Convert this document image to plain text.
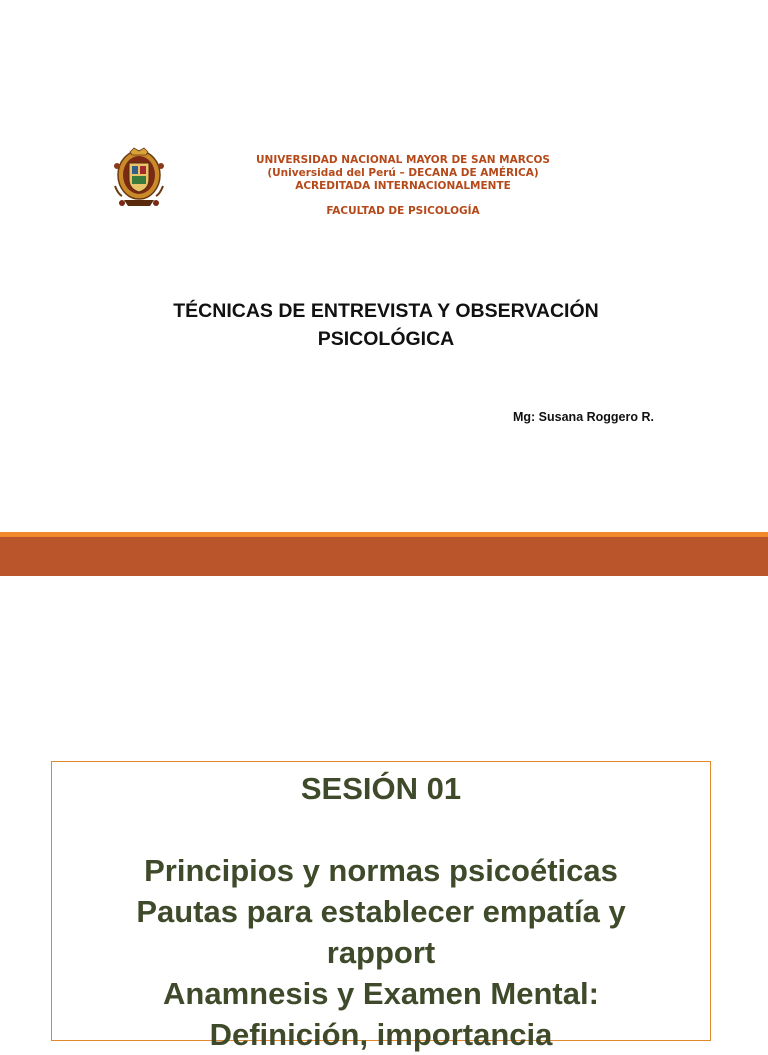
UNIVERSIDAD NACIONAL MAYOR DE SAN MARCOS
(Universidad del Perú – DECANA DE AMÉRICA)
ACREDITADA INTERNACIONALMENTE
FACULTAD DE PSICOLOGÍA
TÉCNICAS DE ENTREVISTA Y OBSERVACIÓN
PSICOLÓGICA
Mg: Susana Roggero R.
SESIÓN 01
Principios y normas psicoéticas
Pautas para establecer empatía y
rapport
Anamnesis y Examen Mental:
Definición, importancia
